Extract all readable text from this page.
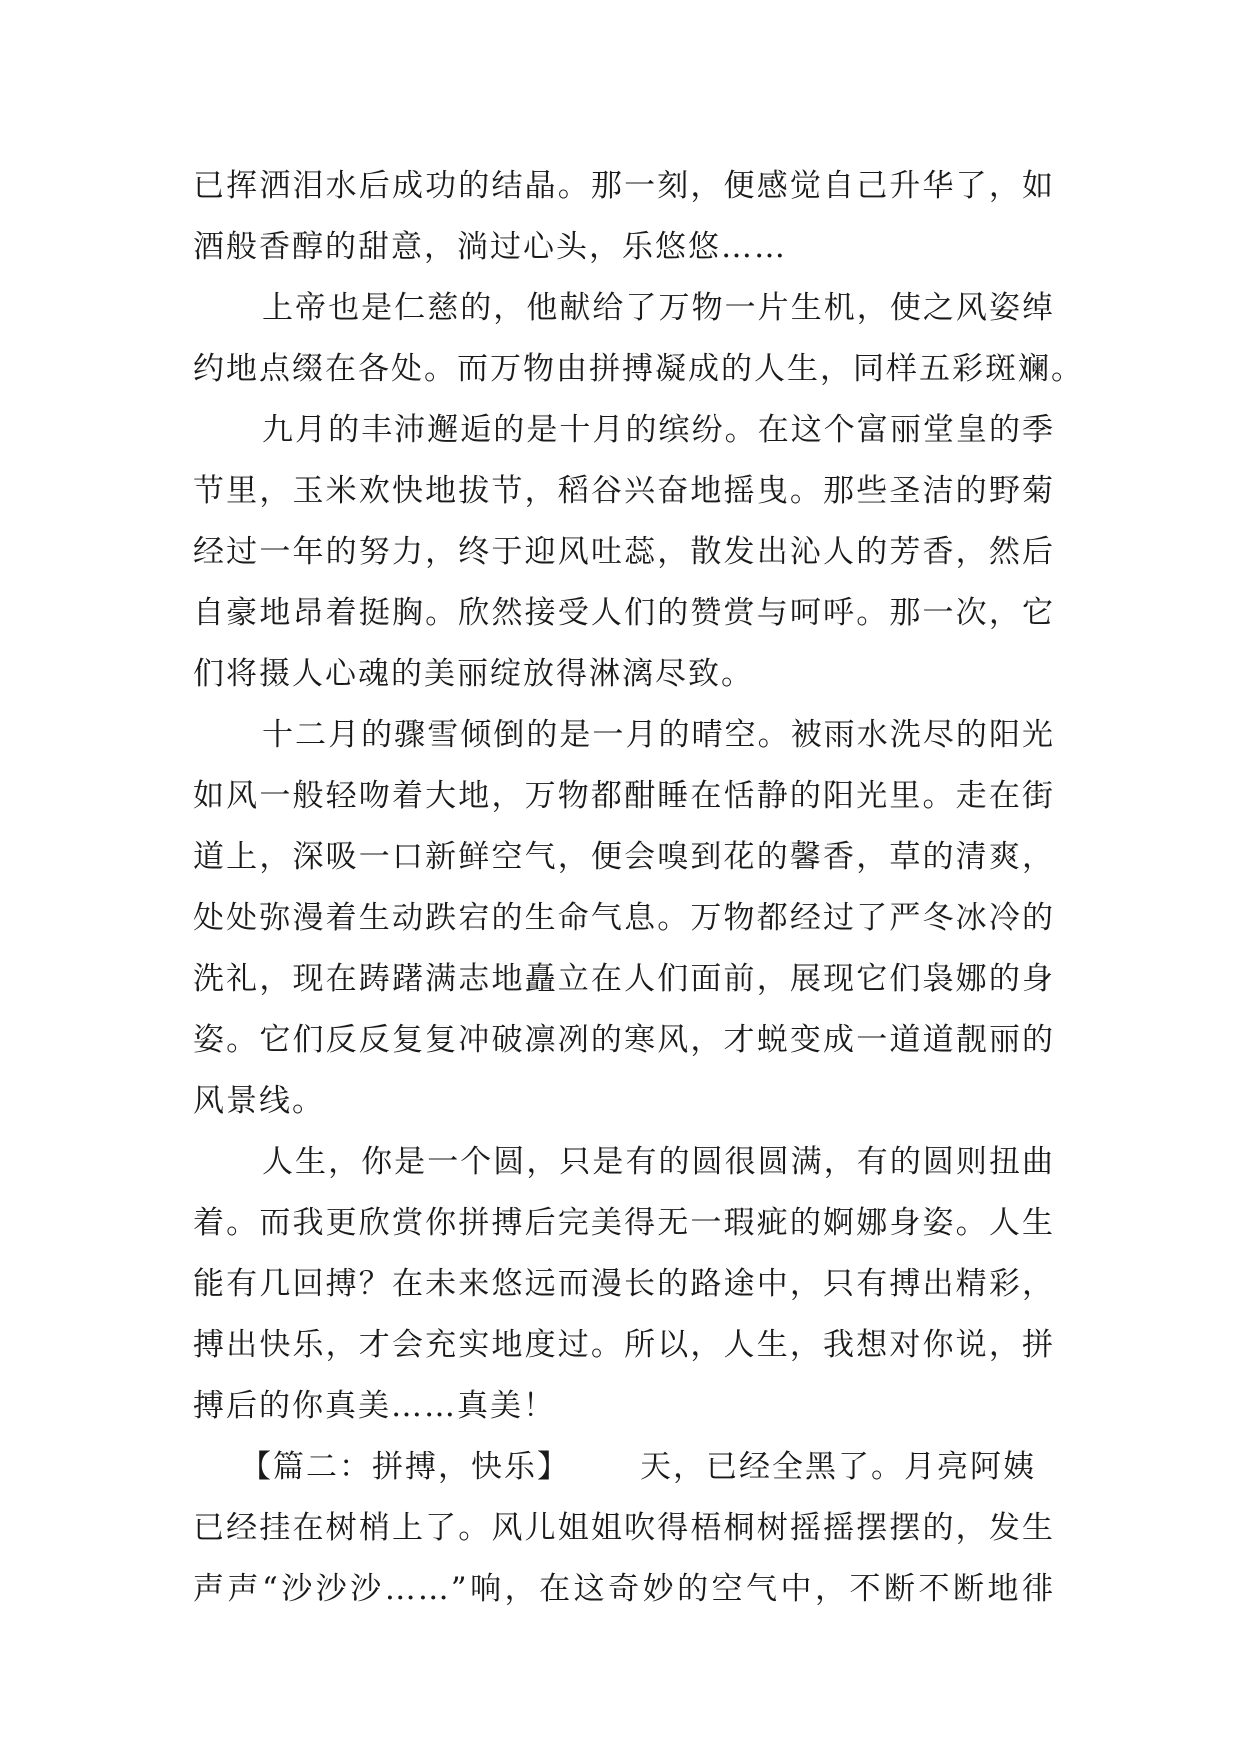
已挥洒泪水后成功的结晶。那一刻，便感觉自己升华了，如
酒般香醇的甜意，淌过心头，乐悠悠……
上帝也是仁慈的，他献给了万物一片生机，使之风姿绰
约地点缀在各处。而万物由拼搏凝成的人生，同样五彩斑斓。
九月的丰沛邂逅的是十月的缤纷。在这个富丽堂皇的季
节里，玉米欢快地拔节，稻谷兴奋地摇曳。那些圣洁的野菊
经过一年的努力，终于迎风吐蕊，散发出沁人的芳香，然后
自豪地昂着挺胸。欣然接受人们的赞赏与呵呼。那一次，它
们将摄人心魂的美丽绽放得淋漓尽致。
十二月的骤雪倾倒的是一月的晴空。被雨水洗尽的阳光
如风一般轻吻着大地，万物都酣睡在恬静的阳光里。走在街
道上，深吸一口新鲜空气，便会嗅到花的馨香，草的清爽，
处处弥漫着生动跌宕的生命气息。万物都经过了严冬冰冷的
洗礼，现在踌躇满志地矗立在人们面前，展现它们袅娜的身
姿。它们反反复复冲破凛冽的寒风，才蜕变成一道道靓丽的
风景线。
人生，你是一个圆，只是有的圆很圆满，有的圆则扭曲
着。而我更欣赏你拼搏后完美得无一瑕疵的婀娜身姿。人生
能有几回搏？在未来悠远而漫长的路途中，只有搏出精彩，
搏出快乐，才会充实地度过。所以，人生，我想对你说，拼
搏后的你真美……真美！
【篇二：拼搏，快乐】 天，已经全黑了。月亮阿姨
已经挂在树梢上了。风儿姐姐吹得梧桐树摇摇摆摆的，发生
声声“沙沙沙……”响，在这奇妙的空气中，不断不断地徘
